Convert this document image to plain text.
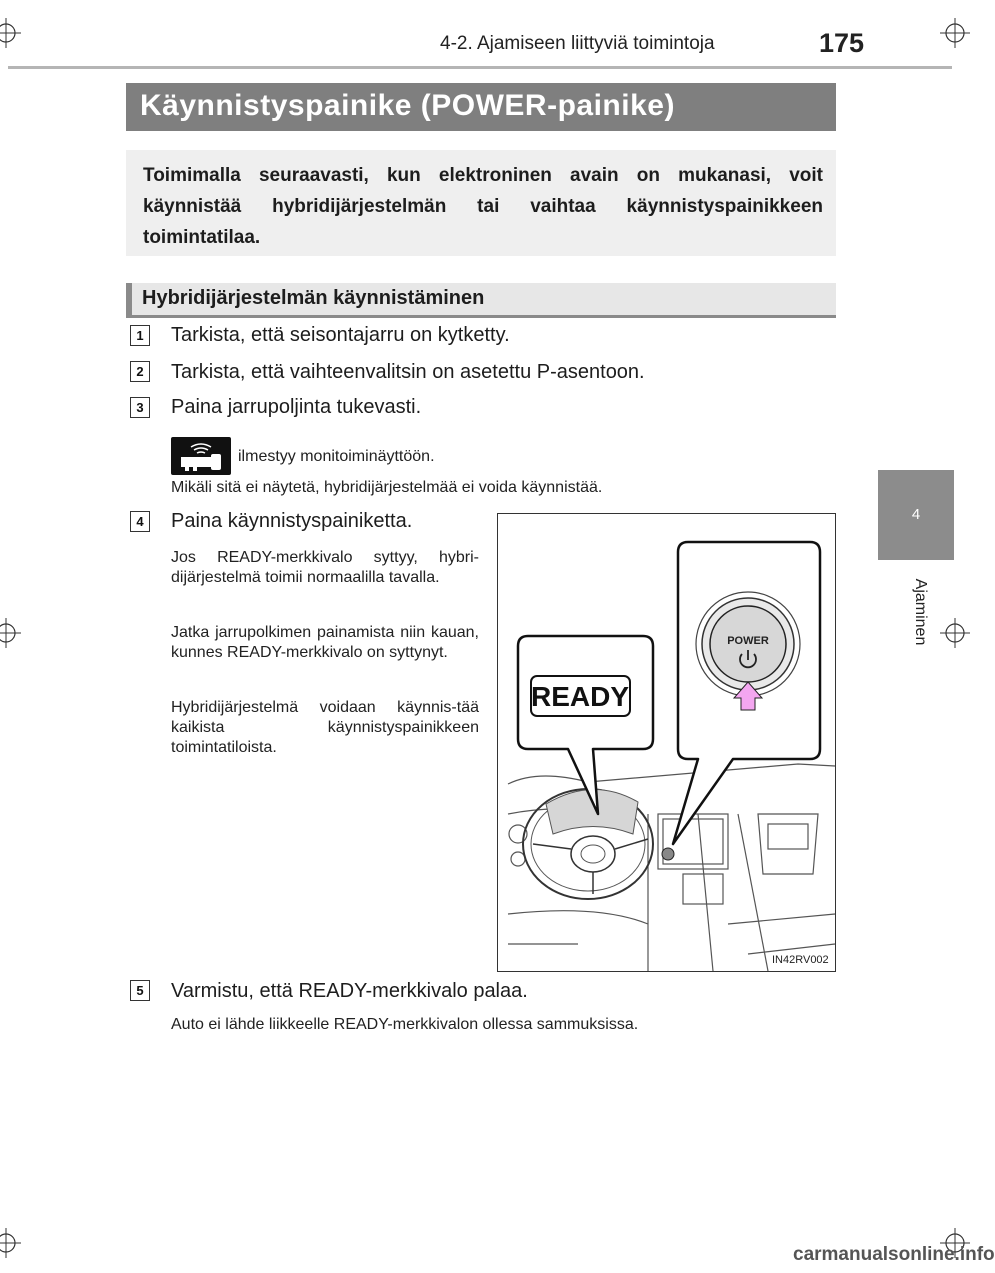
4-2. Ajamiseen liittyviä toimintoja	175
4
Ajaminen
Käynnistyspainike (POWER-painike)
Toimimalla seuraavasti, kun elektroninen avain on mukanasi, voit käynnistää hybridijärjestelmän tai vaihtaa käynnistyspainikkeen toimintatilaa.
Hybridijärjestelmän käynnistäminen
1	Tarkista, että seisontajarru on kytketty.
2	Tarkista, että vaihteenvalitsin on asetettu P-asentoon.
3	Paina jarrupoljinta tukevasti.
ilmestyy monitoiminäyttöön.
Mikäli sitä ei näytetä, hybridijärjestelmää ei voida käynnistää.
4	Paina käynnistyspainiketta.
Jos READY-merkkivalo syttyy, hybri-dijärjestelmä toimii normaalilla tavalla.
Jatka jarrupolkimen painamista niin kauan, kunnes READY-merkkivalo on syttynyt.
Hybridijärjestelmä voidaan käynnis-tää kaikista käynnistyspainikkeen toimintatiloista.
READY
POWER
IN42RV002
5	Varmistu, että READY-merkkivalo palaa.
Auto ei lähde liikkeelle READY-merkkivalon ollessa sammuksissa.
carmanualsonline.info
